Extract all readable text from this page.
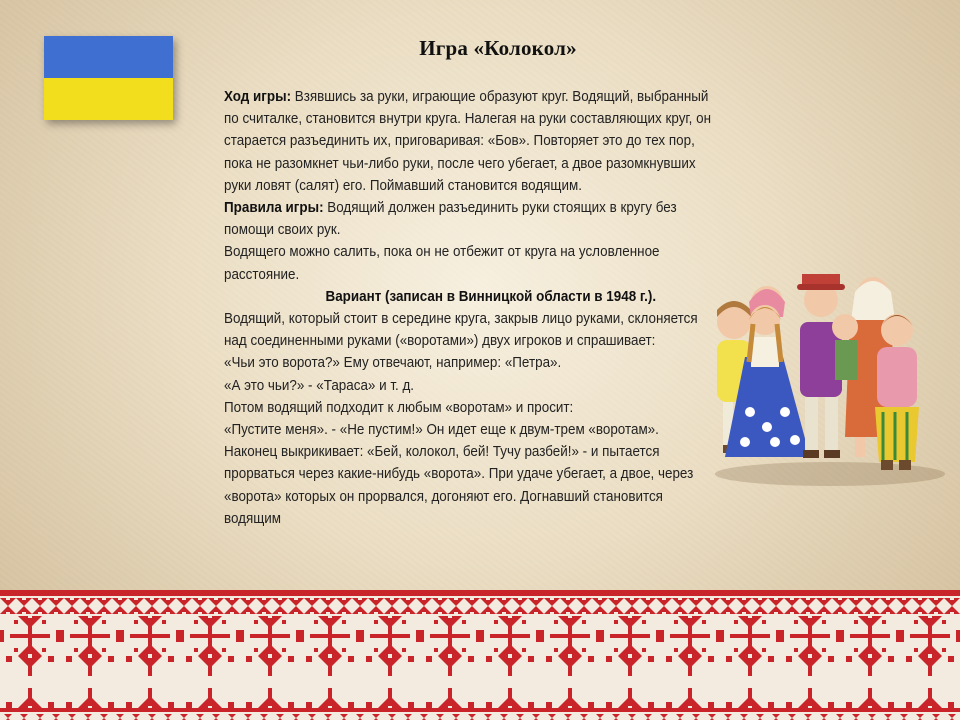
Игра «Колокол»

Ход игры: Взявшись за руки, играющие образуют круг. Водящий, выбранный по считалке, становится внутри круга. Налегая на руки составляющих круг, он старается разъединить их, приговаривая: «Бов». Повторяет это до тех пор, пока не разомкнет чьи-либо руки, после чего убегает, а двое разомкнувших руки ловят (салят) его. Поймавший становится водящим.

Правила игры: Водящий должен разъединить руки стоящих в кругу без помощи своих рук.

Водящего можно салить, пока он не отбежит от круга на условленное расстояние.

Вариант (записан в Винницкой области в 1948 г.).

Водящий, который стоит в середине круга, закрыв лицо руками, склоняется над соединенными руками («воротами») двух игроков и спрашивает:

«Чьи это ворота?» Ему отвечают, например: «Петра».

«А это чьи?» - «Тараса» и т. д.

Потом водящий подходит к любым «воротам» и просит:

«Пустите меня». - «Не пустим!» Он идет еще к двум-трем «воротам».

Наконец выкрикивает: «Бей, колокол, бей! Тучу разбей!» - и пытается прорваться через какие-нибудь «ворота». При удаче убегает, а двое, через «ворота» которых он прорвался, догоняют его. Догнавший становится водящим
